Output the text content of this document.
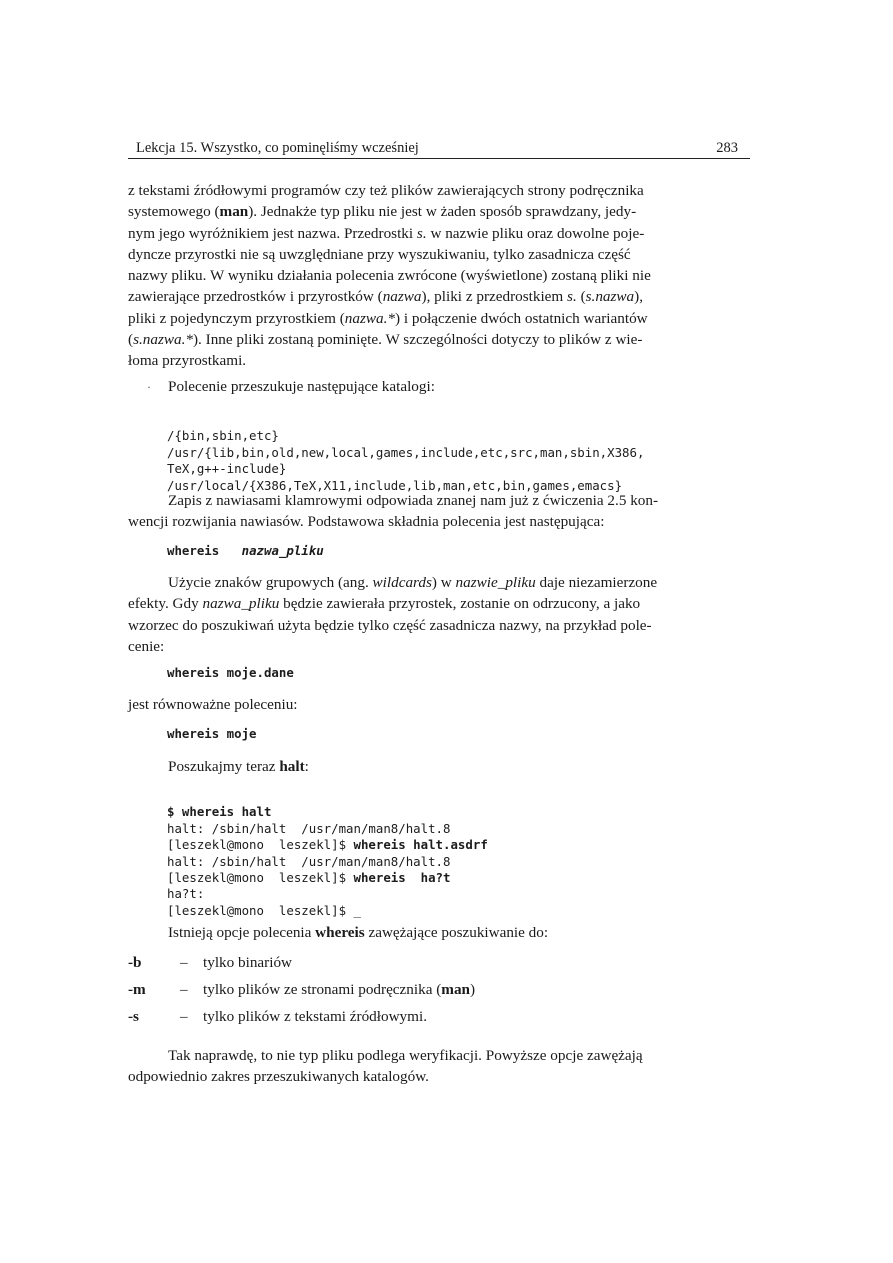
Lekcja 15. Wszystko, co pominęliśmy wcześniej	283
z tekstami źródłowymi programów czy też plików zawierających strony podręcznika
systemowego (man). Jednakże typ pliku nie jest w żaden sposób sprawdzany, jedy-
nym jego wyróżnikiem jest nazwa. Przedrostki s. w nazwie pliku oraz dowolne poje-
dyncze przyrostki nie są uwzględniane przy wyszukiwaniu, tylko zasadnicza część
nazwy pliku. W wyniku działania polecenia zwrócone (wyświetlone) zostaną pliki nie
zawierające przedrostków i przyrostków (nazwa), pliki z przedrostkiem s. (s.nazwa),
pliki z pojedynczym przyrostkiem (nazwa.*) i połączenie dwóch ostatnich wariantów
(s.nazwa.*). Inne pliki zostaną pominięte. W szczególności dotyczy to plików z wie-
łoma przyrostkami.
·	Polecenie przeszukuje następujące katalogi:

/{bin,sbin,etc}
/usr/{lib,bin,old,new,local,games,include,etc,src,man,sbin,X386,
TeX,g++-include}
/usr/local/{X386,TeX,X11,include,lib,man,etc,bin,games,emacs}

Zapis z nawiasami klamrowymi odpowiada znanej nam już z ćwiczenia 2.5 kon-
wencji rozwijania nawiasów. Podstawowa składnia polecenia jest następująca:
whereis nazwa_pliku
Użycie znaków grupowych (ang. wildcards) w nazwie_pliku daje niezamierzone
efekty. Gdy nazwa_pliku będzie zawierała przyrostek, zostanie on odrzucony, a jako
wzorzec do poszukiwań użyta będzie tylko część zasadnicza nazwy, na przykład pole-
cenie:
whereis moje.dane
jest równoważne poleceniu:
whereis moje
Poszukajmy teraz halt:

$ whereis halt
halt: /sbin/halt  /usr/man/man8/halt.8
[leszekl@mono  leszekl]$ whereis halt.asdrf
halt: /sbin/halt  /usr/man/man8/halt.8
[leszekl@mono  leszekl]$ whereis  ha?t
ha?t:
[leszekl@mono  leszekl]$ _

Istnieją opcje polecenia whereis zawężające poszukiwanie do:
-b	– tylko binariów
-m – tylko plików ze stronami podręcznika (man)
-s	– tylko plików z tekstami źródłowymi.
Tak naprawdę, to nie typ pliku podlega weryfikacji. Powyższe opcje zawężają
odpowiednio zakres przeszukiwanych katalogów.
